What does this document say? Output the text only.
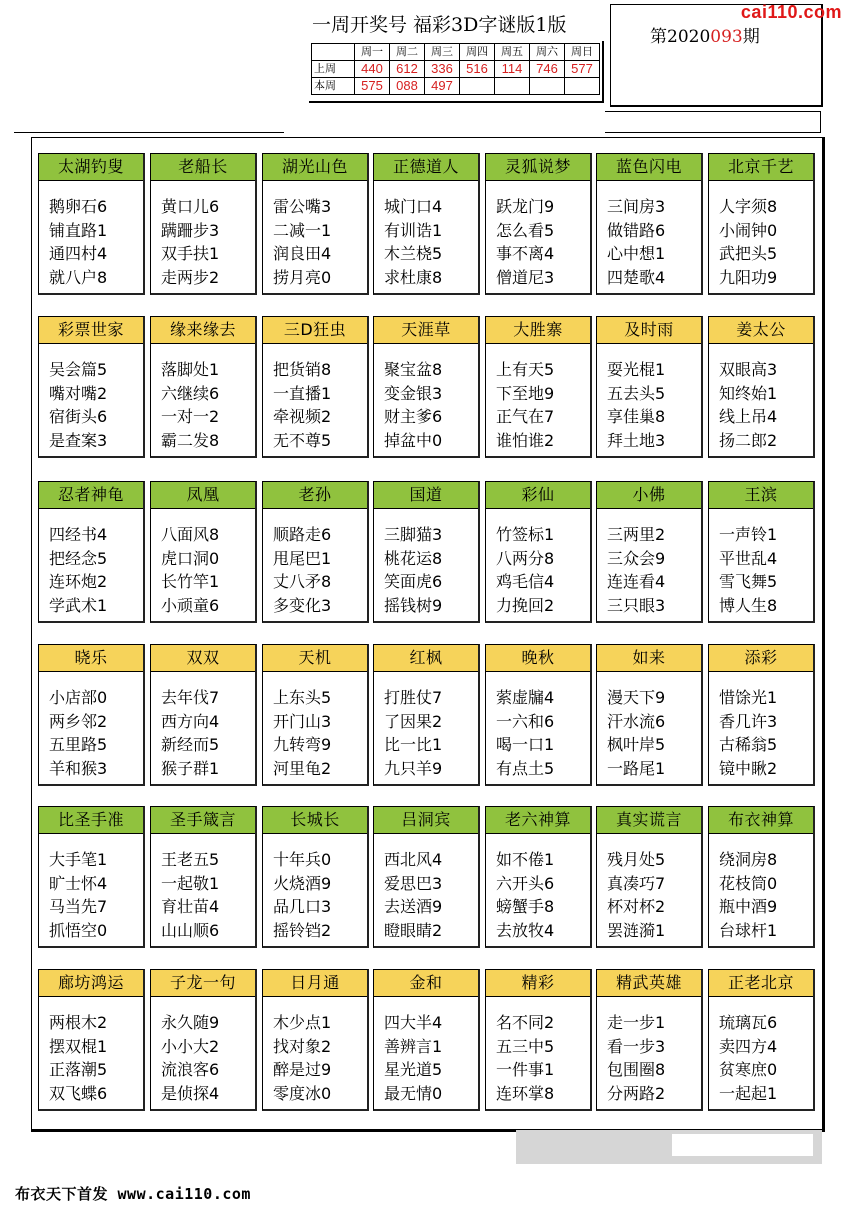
一周开奖号 福彩3D字谜版1版
第2020093期
cai110.com
	周一	周二	周三	周四	周五	周六	周日
上周	440	612	336	516	114	746	577
本周	575	088	497				
太湖钓叟
鹅卵石6
铺直路1
通四村4
就八户8
老船长
黄口儿6
蹒跚步3
双手扶1
走两步2
湖光山色
雷公嘴3
二减一1
润良田4
捞月亮0
正德道人
城门口4
有训诰1
木兰桡5
求杜康8
灵狐说梦
跃龙门9
怎么看5
事不离4
僧道尼3
蓝色闪电
三间房3
做错路6
心中想1
四楚歌4
北京千艺
人字须8
小闹钟0
武把头5
九阳功9
彩票世家
吴会篇5
嘴对嘴2
宿街头6
是查案3
缘来缘去
落脚处1
六继续6
一对一2
霸二发8
三D狂虫
把货销8
一直播1
牵视频2
无不尊5
天涯草
聚宝盆8
变金银3
财主爹6
掉盆中0
大胜寨
上有天5
下至地9
正气在7
谁怕谁2
及时雨
耍光棍1
五去头5
享佳巢8
拜土地3
姜太公
双眼高3
知终始1
线上吊4
扬二郎2
忍者神龟
四经书4
把经念5
连环炮2
学武术1
凤凰
八面风8
虎口洞0
长竹竿1
小顽童6
老孙
顺路走6
甩尾巴1
丈八矛8
多变化3
国道
三脚猫3
桃花运8
笑面虎6
摇钱树9
彩仙
竹签标1
八两分8
鸡毛信4
力挽回2
小佛
三两里2
三众会9
连连看4
三只眼3
王滨
一声铃1
平世乱4
雪飞舞5
博人生8
晓乐
小店部0
两乡邻2
五里路5
羊和猴3
双双
去年伐7
西方向4
新经而5
猴子群1
天机
上东头5
开门山3
九转弯9
河里龟2
红枫
打胜仗7
了因果2
比一比1
九只羊9
晚秋
萦虚牖4
一六和6
喝一口1
有点土5
如来
漫天下9
汗水流6
枫叶岸5
一路尾1
添彩
惜馀光1
香几许3
古稀翁5
镜中瞅2
比圣手准
大手笔1
旷士怀4
马当先7
抓悟空0
圣手箴言
王老五5
一起敬1
育壮苗4
山山顺6
长城长
十年兵0
火烧酒9
品几口3
摇铃铛2
吕洞宾
西北风4
爱思巴3
去送酒9
瞪眼睛2
老六神算
如不倦1
六开头6
螃蟹手8
去放牧4
真实谎言
残月处5
真凑巧7
杯对杯2
罢涟漪1
布衣神算
绕洞房8
花枝筒0
瓶中酒9
台球杆1
廊坊鸿运
两根木2
摆双棍1
正落潮5
双飞蝶6
子龙一句
永久随9
小小大2
流浪客6
是侦探4
日月通
木少点1
找对象2
醉是过9
零度冰0
金和
四大半4
善辨言1
星光道5
最无情0
精彩
名不同2
五三中5
一件事1
连环掌8
精武英雄
走一步1
看一步3
包围圈8
分两路2
正老北京
琉璃瓦6
卖四方4
贫寒庶0
一起起1
布衣天下首发 www.cai110.com
